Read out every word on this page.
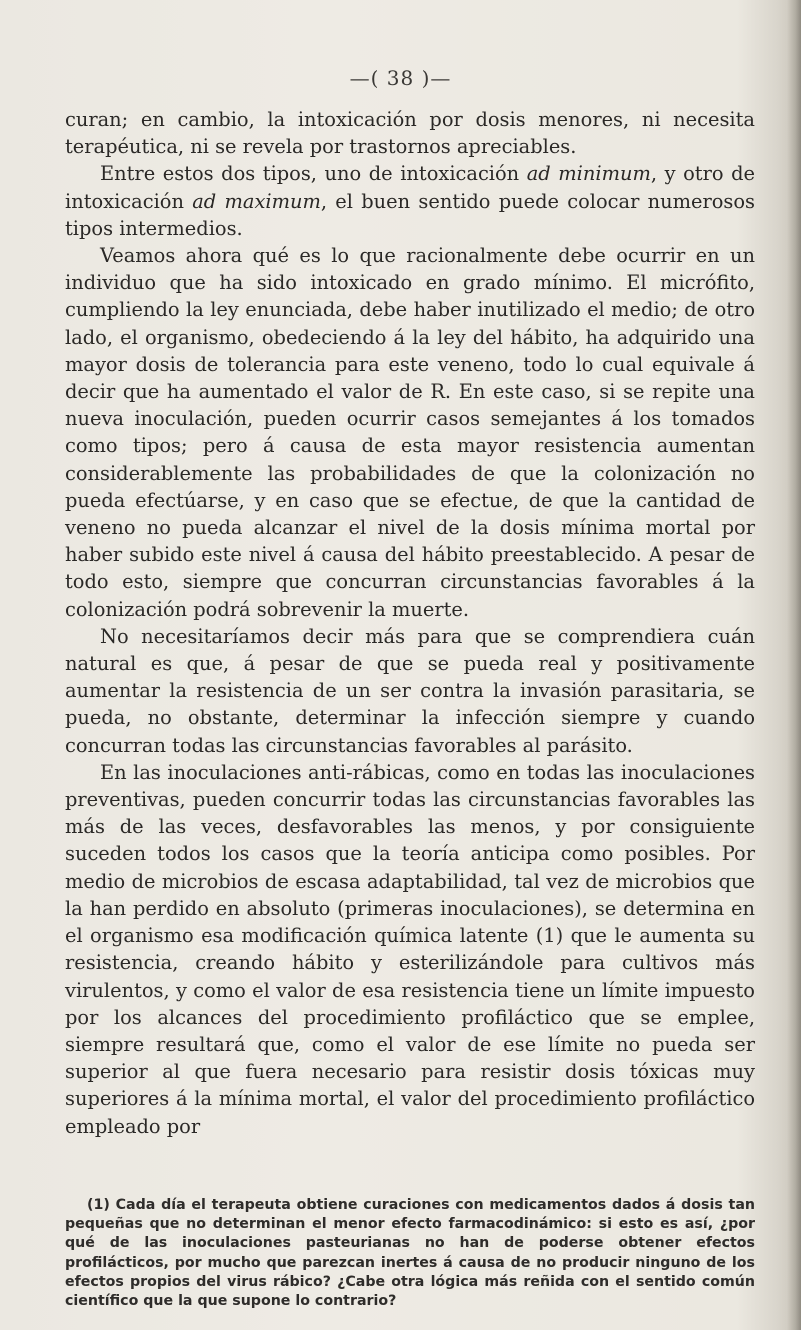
—( 38 )—

curan; en cambio, la intoxicación por dosis menores, ni necesita terapéutica, ni se revela por trastornos apreciables.

Entre estos dos tipos, uno de intoxicación ad minimum, y otro de intoxicación ad maximum, el buen sentido puede colocar numerosos tipos intermedios.

Veamos ahora qué es lo que racionalmente debe ocurrir en un individuo que ha sido intoxicado en grado mínimo. El micrófito, cumpliendo la ley enunciada, debe haber inutilizado el medio; de otro lado, el organismo, obedeciendo á la ley del hábito, ha adquirido una mayor dosis de tolerancia para este veneno, todo lo cual equivale á decir que ha aumentado el valor de R. En este caso, si se repite una nueva inoculación, pueden ocurrir casos semejantes á los tomados como tipos; pero á causa de esta mayor resistencia aumentan considerablemente las probabilidades de que la colonización no pueda efectúarse, y en caso que se efectue, de que la cantidad de veneno no pueda alcanzar el nivel de la dosis mínima mortal por haber subido este nivel á causa del hábito preestablecido. A pesar de todo esto, siempre que concurran circunstancias favorables á la colonización podrá sobrevenir la muerte.

No necesitaríamos decir más para que se comprendiera cuán natural es que, á pesar de que se pueda real y positivamente aumentar la resistencia de un ser contra la invasión parasitaria, se pueda, no obstante, determinar la infección siempre y cuando concurran todas las circunstancias favorables al parásito.

En las inoculaciones anti-rábicas, como en todas las inoculaciones preventivas, pueden concurrir todas las circunstancias favorables las más de las veces, desfavorables las menos, y por consiguiente suceden todos los casos que la teoría anticipa como posibles. Por medio de microbios de escasa adaptabilidad, tal vez de microbios que la han perdido en absoluto (primeras inoculaciones), se determina en el organismo esa modificación química latente (1) que le aumenta su resistencia, creando hábito y esterilizándole para cultivos más virulentos, y como el valor de esa resistencia tiene un límite impuesto por los alcances del procedimiento profiláctico que se emplee, siempre resultará que, como el valor de ese límite no pueda ser superior al que fuera necesario para resistir dosis tóxicas muy superiores á la mínima mortal, el valor del procedimiento profiláctico empleado por

(1) Cada día el terapeuta obtiene curaciones con medicamentos dados á dosis tan pequeñas que no determinan el menor efecto farmacodinámico: si esto es así, ¿por qué de las inoculaciones pasteurianas no han de poderse obtener efectos profilácticos, por mucho que parezcan inertes á causa de no producir ninguno de los efectos propios del virus rábico? ¿Cabe otra lógica más reñida con el sentido común científico que la que supone lo contrario?
